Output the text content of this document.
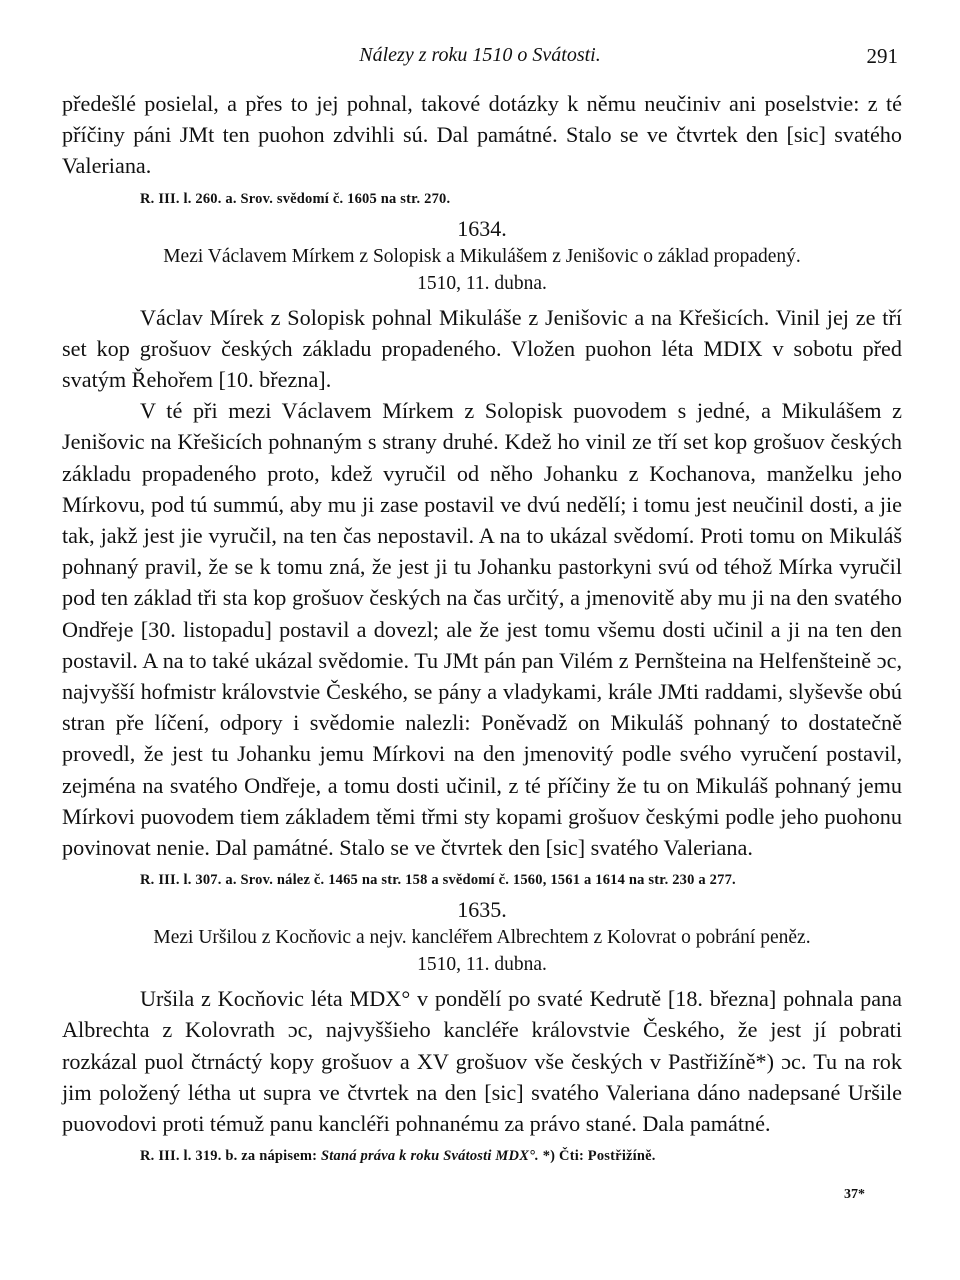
Nálezy z roku 1510 o Svátosti.	291

předešlé posielal, a přes to jej pohnal, takové dotázky k němu neučiniv ani poselstvie: z té příčiny páni JMt ten puohon zdvihli sú. Dal památné. Stalo se ve čtvrtek den [sic] svatého Valeriana.

R. III. l. 260. a. Srov. svědomí č. 1605 na str. 270.
1634.
Mezi Václavem Mírkem z Solopisk a Mikulášem z Jenišovic o základ propadený.
1510, 11. dubna.

Václav Mírek z Solopisk pohnal Mikuláše z Jenišovic a na Křešicích. Vinil jej ze tří set kop grošuov českých základu propadeného. Vložen puohon léta MDIX v sobotu před svatým Řehořem [10. března].

V té při mezi Václavem Mírkem z Solopisk puovodem s jedné, a Mikulášem z Jenišovic na Křešicích pohnaným s strany druhé. Kdež ho vinil ze tří set kop grošuov českých základu propadeného proto, kdež vyručil od něho Johanku z Kochanova, manželku jeho Mírkovu, pod tú summú, aby mu ji zase postavil ve dvú nedělí; i tomu jest neučinil dosti, a jie tak, jakž jest jie vyručil, na ten čas nepostavil. A na to ukázal svědomí. Proti tomu on Mikuláš pohnaný pravil, že se k tomu zná, že jest ji tu Johanku pastorkyni svú od téhož Mírka vyručil pod ten základ tři sta kop grošuov českých na čas určitý, a jmenovitě aby mu ji na den svatého Ondřeje [30. listopadu] postavil a dovezl; ale že jest tomu všemu dosti učinil a ji na ten den postavil. A na to také ukázal svědomie. Tu JMt pán pan Vilém z Pernšteina na Helfenšteině ɔc, najvyšší hofmistr královstvie Českého, se pány a vladykami, krále JMti raddami, slyševše obú stran pře líčení, odpory i svědomie nalezli: Poněvadž on Mikuláš pohnaný to dostatečně provedl, že jest tu Johanku jemu Mírkovi na den jmenovitý podle svého vyručení postavil, zejména na svatého Ondřeje, a tomu dosti učinil, z té příčiny že tu on Mikuláš pohnaný jemu Mírkovi puovodem tiem základem těmi třmi sty kopami grošuov českými podle jeho puohonu povinovat nenie. Dal památné. Stalo se ve čtvrtek den [sic] svatého Valeriana.

R. III. l. 307. a. Srov. nález č. 1465 na str. 158 a svědomí č. 1560, 1561 a 1614 na str. 230 a 277.
1635.
Mezi Uršilou z Kocňovic a nejv. kancléřem Albrechtem z Kolovrat o pobrání peněz.
1510, 11. dubna.

Uršila z Kocňovic léta MDX° v pondělí po svaté Kedrutě [18. března] pohnala pana Albrechta z Kolovrath ɔc, najvyššieho kancléře královstvie Českého, že jest jí pobrati rozkázal puol čtrnáctý kopy grošuov a XV grošuov vše českých v Pastřižíně*) ɔc. Tu na rok jim položený létha ut supra ve čtvrtek na den [sic] svatého Valeriana dáno nadepsané Uršile puovodovi proti témuž panu kancléři pohnanému za právo stané. Dala památné.

R. III. l. 319. b. za nápisem: Staná práva k roku Svátosti MDX°. *) Čti: Postřižíně.
37*
